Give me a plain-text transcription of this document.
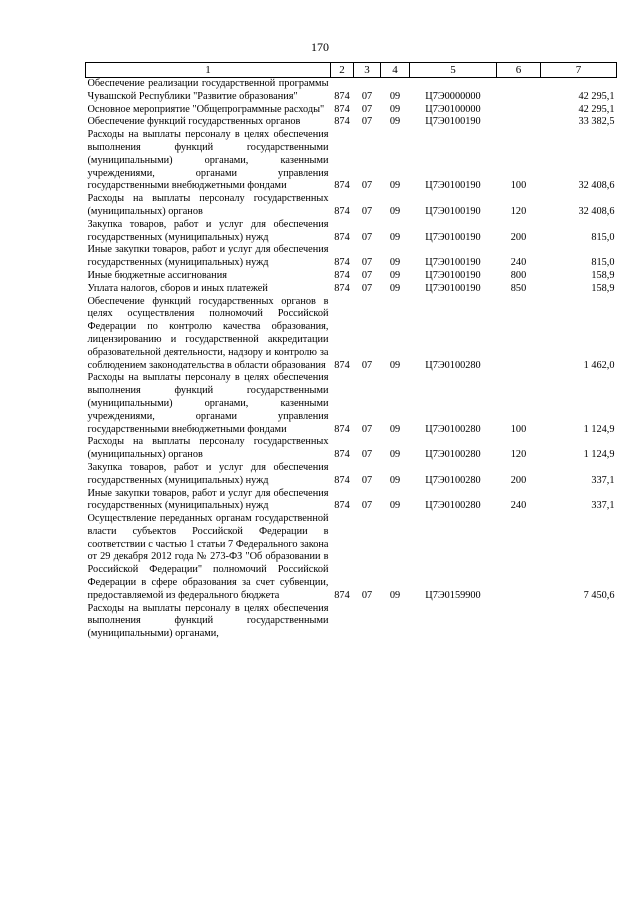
170
1	2	3	4	5	6	7
Обеспечение реализации государственной программы Чувашской Республики "Развитие образования"	874	07	09	Ц7Э0000000		42 295,1
Основное мероприятие "Общепрограммные расходы"	874	07	09	Ц7Э0100000		42 295,1
Обеспечение функций государственных органов	874	07	09	Ц7Э0100190		33 382,5
Расходы на выплаты персоналу в целях обеспечения выполнения функций государственными (муниципальными) органами, казенными учреждениями, органами управления государственными внебюджетными фондами	874	07	09	Ц7Э0100190	100	32 408,6
Расходы на выплаты персоналу государственных (муниципальных) органов	874	07	09	Ц7Э0100190	120	32 408,6
Закупка товаров, работ и услуг для обеспечения государственных (муниципальных) нужд	874	07	09	Ц7Э0100190	200	815,0
Иные закупки товаров, работ и услуг для обеспечения государственных (муниципальных) нужд	874	07	09	Ц7Э0100190	240	815,0
Иные бюджетные ассигнования	874	07	09	Ц7Э0100190	800	158,9
Уплата налогов, сборов и иных платежей	874	07	09	Ц7Э0100190	850	158,9
Обеспечение функций государственных органов в целях осуществления полномочий Российской Федерации по контролю качества образования, лицензированию и государственной аккредитации образовательной деятельности, надзору и контролю за соблюдением законодательства в области образования	874	07	09	Ц7Э0100280		1 462,0
Расходы на выплаты персоналу в целях обеспечения выполнения функций государственными (муниципальными) органами, казенными учреждениями, органами управления государственными внебюджетными фондами	874	07	09	Ц7Э0100280	100	1 124,9
Расходы на выплаты персоналу государственных (муниципальных) органов	874	07	09	Ц7Э0100280	120	1 124,9
Закупка товаров, работ и услуг для обеспечения государственных (муниципальных) нужд	874	07	09	Ц7Э0100280	200	337,1
Иные закупки товаров, работ и услуг для обеспечения государственных (муниципальных) нужд	874	07	09	Ц7Э0100280	240	337,1
Осуществление переданных органам государственной власти субъектов Российской Федерации в соответствии с частью 1 статьи 7 Федерального закона от 29 декабря 2012 года № 273-ФЗ "Об образовании в Российской Федерации" полномочий Российской Федерации в сфере образования за счет субвенции, предоставляемой из федерального бюджета	874	07	09	Ц7Э0159900		7 450,6
Расходы на выплаты персоналу в целях обеспечения выполнения функций государственными (муниципальными) органами,						
